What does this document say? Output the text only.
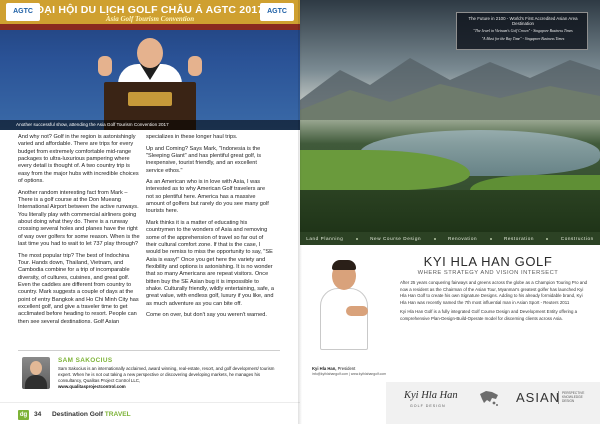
AGTC	AGTC
ĐẠI HỘI DU LỊCH GOLF CHÂU Á AGTC 2017
Asia Golf Tourism Convention
Another successful show, attending the Asia Golf Tourism Convention 2017

And why not? Golf in the region is astonishingly varied and affordable. There are trips for every budget from extremely comfortable mid-range packages to ultra-luxurious pampering where every detail is thought of. A two country trip is easy from the major hubs with incredible choices of options.

Another random interesting fact from Mark – There is a golf course at the Don Mueang International Airport between the active runways. You literally play with commercial airliners going about doing what they do. There is a runway crossing several holes and planes have the right of way over golfers for some reason. When is the last time you had to wait to let 737 play through?

The most popular trip? The best of Indochina Tour. Hands down, Thailand, Vietnam, and Cambodia combine for a trip of incomparable diversity, of cultures, cuisines, and great golf. Even the caddies are different from country to country. Mark suggests a couple of days at the point of entry Bangkok and Ho Chi Minh City has excellent golf, and give a traveler time to get acclimated before heading to resort. People can then see several destinations. Golf Asian

specializes in these longer haul trips.

Up and Coming? Says Mark, "Indonesia is the "Sleeping Giant" and has plentiful great golf, is inexpensive, tourist friendly, and an excellent service ethos."

As an American who is in love with Asia, I was interested as to why American Golf travelers are not so plentiful here. America has a massive amount of golfers but rarely do you see many golf tourists here.

Mark thinks it is a matter of educating his countrymen to the wonders of Asia and removing some of the apprehension of travel so far out of their cultural comfort zone. If that is the case, I would be remiss to miss the opportunity to say, "SE Asia is easy!" Once you get here the variety and flexibility and options is astonishing. It is no wonder that so many Americans are repeat visitors. Once bitten buy the SE Asian bug it is impossible to shake. Culturally friendly, wildly entertaining, safe, a great value, with endless golf, luxury if you like, and as much adventure as you can bite off.

Come on over, but don't say you weren't warned.

SAM SAKOCIUS
Sam Sakocius is an internationally acclaimed, award winning, real-estate, resort, and golf development/ tourism expert. When he is not out taking a new perspective or discovering developing markets, he manages his consultancy, Qualitas Project Control LLC,
www.qualitasprojectcontrol.com
dg 34 Destination Golf TRAVEL
The Future in 2100 - World's First Accredited Asian Area Destination
"The Jewel in Vietnam's Golf Crown" - Singapore Business Times
"A Must for the Bay Time" - Singapore Business Times
Land Planning	New Course Design	Renovation	Restoration	Construction
Kyi Hla Han, President
info@kyihlahangolf.com | www.kyihlahangolf.com
KYI HLA HAN GOLF
WHERE STRATEGY AND VISION INTERSECT

After 25 years conquering fairways and greens across the globe as a Champion Touring Pro and now a resident as the Chairman of the Asian Tour, Myanmar's greatest golfer has launched Kyi Hla Han Golf to create his own Signature Designs. Adding to his already formidable brand, Kyi Hla Han was recently named the 7th most influential man in Asian Sport - Reuters 2011

Kyi Hla Han Golf is a fully integrated Golf Course Design and Development Entity offering a comprehensive Plan-Design-Build-Operate model for discerning clients across Asia.

Kyi Hla Han
GOLF DESIGN
ASIAN PERSPECTIVE KNOWLEDGE DESIGN
